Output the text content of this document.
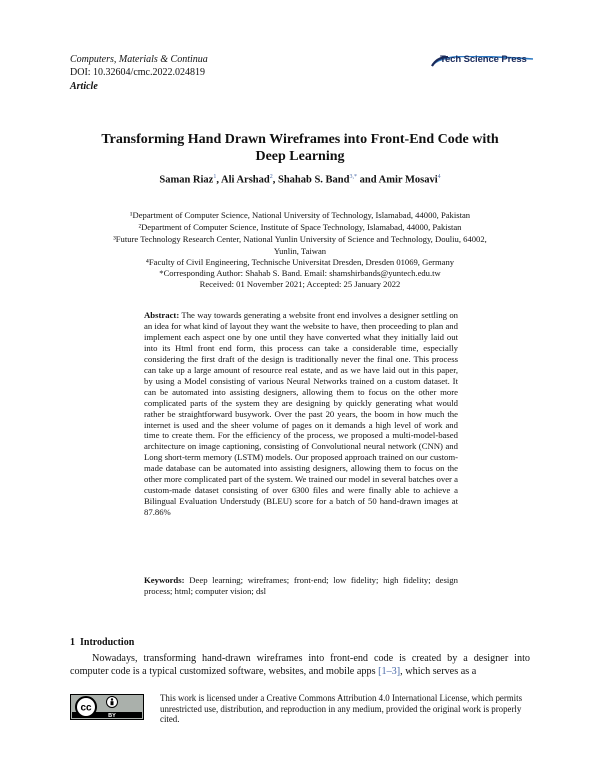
Computers, Materials & Continua
DOI: 10.32604/cmc.2022.024819
Article
Tech Science Press
Transforming Hand Drawn Wireframes into Front-End Code with Deep Learning
Saman Riaz$^1$, Ali Arshad$^2$, Shahab S. Band$^{3,*}$ and Amir Mosavi$^4$
¹Department of Computer Science, National University of Technology, Islamabad, 44000, Pakistan
²Department of Computer Science, Institute of Space Technology, Islamabad, 44000, Pakistan
³Future Technology Research Center, National Yunlin University of Science and Technology, Douliu, 64002,
Yunlin, Taiwan
⁴Faculty of Civil Engineering, Technische Universitat Dresden, Dresden 01069, Germany
*Corresponding Author: Shahab S. Band. Email: shamshirbands@yuntech.edu.tw
Received: 01 November 2021; Accepted: 25 January 2022
Abstract: The way towards generating a website front end involves a designer settling on an idea for what kind of layout they want the website to have, then proceeding to plan and implement each aspect one by one until they have converted what they initially laid out into its Html front end form, this process can take a considerable time, especially considering the first draft of the design is traditionally never the final one. This process can take up a large amount of resource real estate, and as we have laid out in this paper, by using a Model consisting of various Neural Networks trained on a custom dataset. It can be automated into assisting designers, allowing them to focus on the other more complicated parts of the system they are designing by quickly generating what would rather be straightforward busywork. Over the past 20 years, the boom in how much the internet is used and the sheer volume of pages on it demands a high level of work and time to create them. For the efficiency of the process, we proposed a multi-model-based architecture on image captioning, consisting of Convolutional neural network (CNN) and Long short-term memory (LSTM) models. Our proposed approach trained on our custom-made database can be automated into assisting designers, allowing them to focus on the other more complicated part of the system. We trained our model in several batches over a custom-made dataset consisting of over 6300 files and were finally able to achieve a Bilingual Evaluation Understudy (BLEU) score for a batch of 50 hand-drawn images at 87.86%
Keywords: Deep learning; wireframes; front-end; low fidelity; high fidelity; design process; html; computer vision; dsl
1 Introduction
Nowadays, transforming hand-drawn wireframes into front-end code is created by a designer into computer code is a typical customized software, websites, and mobile apps [1–3], which serves as a
cc
BY
This work is licensed under a Creative Commons Attribution 4.0 International License, which permits unrestricted use, distribution, and reproduction in any medium, provided the original work is properly cited.
